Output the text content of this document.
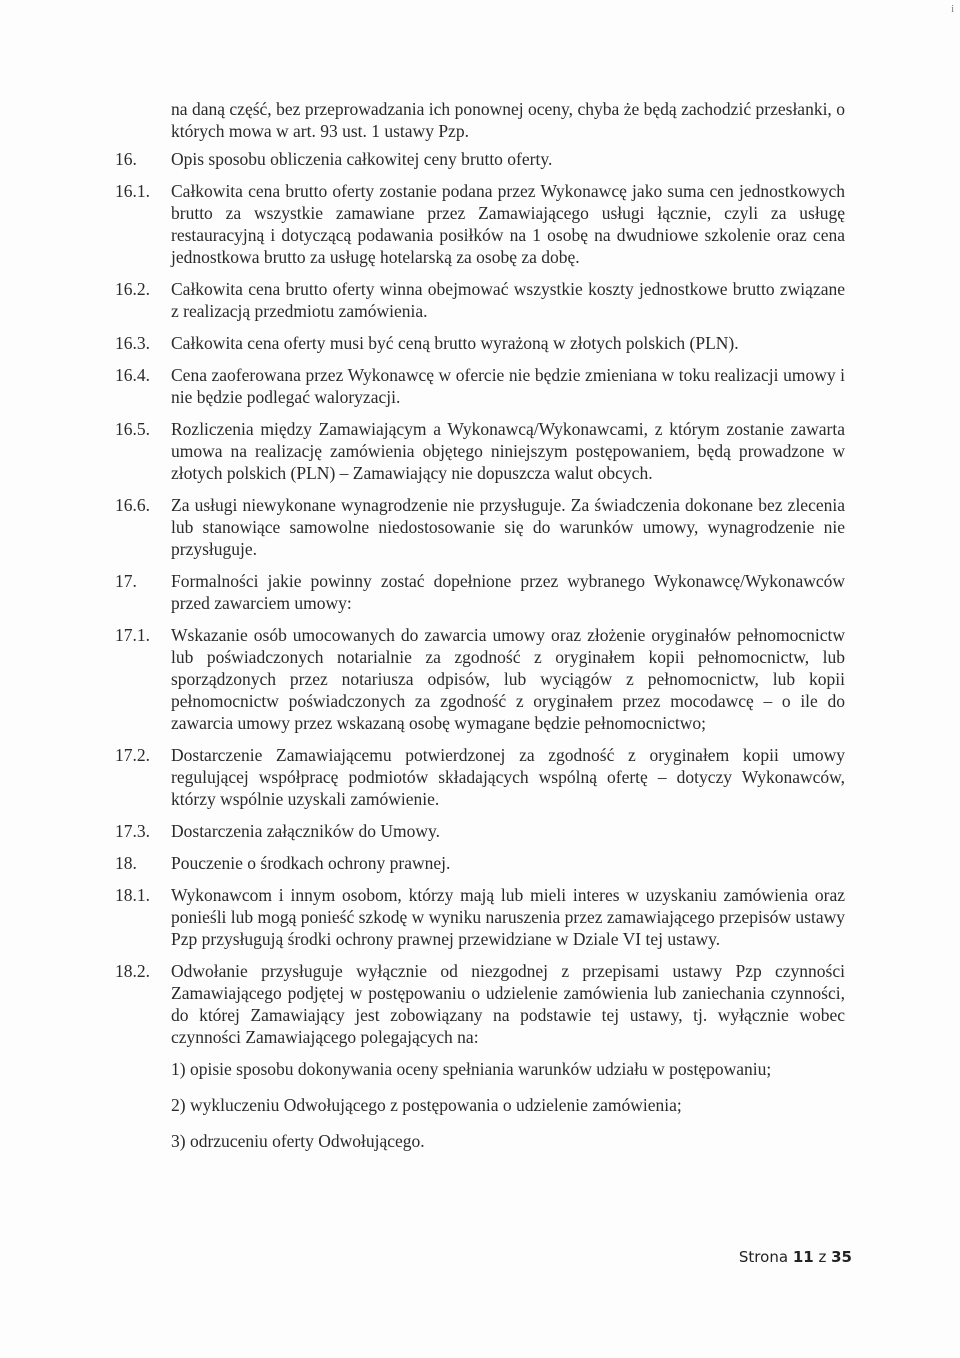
i

na daną część, bez przeprowadzania ich ponownej oceny, chyba że będą zachodzić przesłanki, o których mowa w art. 93 ust. 1 ustawy Pzp.

16. Opis sposobu obliczenia całkowitej ceny brutto oferty.
16.1. Całkowita cena brutto oferty zostanie podana przez Wykonawcę jako suma cen jednostkowych brutto za wszystkie zamawiane przez Zamawiającego usługi łącznie, czyli za usługę restauracyjną i dotyczącą podawania posiłków na 1 osobę na dwudniowe szkolenie oraz cena jednostkowa brutto za usługę hotelarską za osobę za dobę.
16.2. Całkowita cena brutto oferty winna obejmować wszystkie koszty jednostkowe brutto związane z realizacją przedmiotu zamówienia.
16.3. Całkowita cena oferty musi być ceną brutto wyrażoną w złotych polskich (PLN).
16.4. Cena zaoferowana przez Wykonawcę w ofercie nie będzie zmieniana w toku realizacji umowy i nie będzie podlegać waloryzacji.
16.5. Rozliczenia między Zamawiającym a Wykonawcą/Wykonawcami, z którym zostanie zawarta umowa na realizację zamówienia objętego niniejszym postępowaniem, będą prowadzone w złotych polskich (PLN) – Zamawiający nie dopuszcza walut obcych.
16.6. Za usługi niewykonane wynagrodzenie nie przysługuje. Za świadczenia dokonane bez zlecenia lub stanowiące samowolne niedostosowanie się do warunków umowy, wynagrodzenie nie przysługuje.
17. Formalności jakie powinny zostać dopełnione przez wybranego Wykonawcę/Wykonawców przed zawarciem umowy:
17.1. Wskazanie osób umocowanych do zawarcia umowy oraz złożenie oryginałów pełnomocnictw lub poświadczonych notarialnie za zgodność z oryginałem kopii pełnomocnictw, lub sporządzonych przez notariusza odpisów, lub wyciągów z pełnomocnictw, lub kopii pełnomocnictw poświadczonych za zgodność z oryginałem przez mocodawcę – o ile do zawarcia umowy przez wskazaną osobę wymagane będzie pełnomocnictwo;
17.2. Dostarczenie Zamawiającemu potwierdzonej za zgodność z oryginałem kopii umowy regulującej współpracę podmiotów składających wspólną ofertę – dotyczy Wykonawców, którzy wspólnie uzyskali zamówienie.
17.3. Dostarczenia załączników do Umowy.
18. Pouczenie o środkach ochrony prawnej.
18.1. Wykonawcom i innym osobom, którzy mają lub mieli interes w uzyskaniu zamówienia oraz ponieśli lub mogą ponieść szkodę w wyniku naruszenia przez zamawiającego przepisów ustawy Pzp przysługują środki ochrony prawnej przewidziane w Dziale VI tej ustawy.
18.2. Odwołanie przysługuje wyłącznie od niezgodnej z przepisami ustawy Pzp czynności Zamawiającego podjętej w postępowaniu o udzielenie zamówienia lub zaniechania czynności, do której Zamawiający jest zobowiązany na podstawie tej ustawy, tj. wyłącznie wobec czynności Zamawiającego polegających na:

1) opisie sposobu dokonywania oceny spełniania warunków udziału w postępowaniu;

2) wykluczeniu Odwołującego z postępowania o udzielenie zamówienia;

3) odrzuceniu oferty Odwołującego.

Strona 11 z 35
